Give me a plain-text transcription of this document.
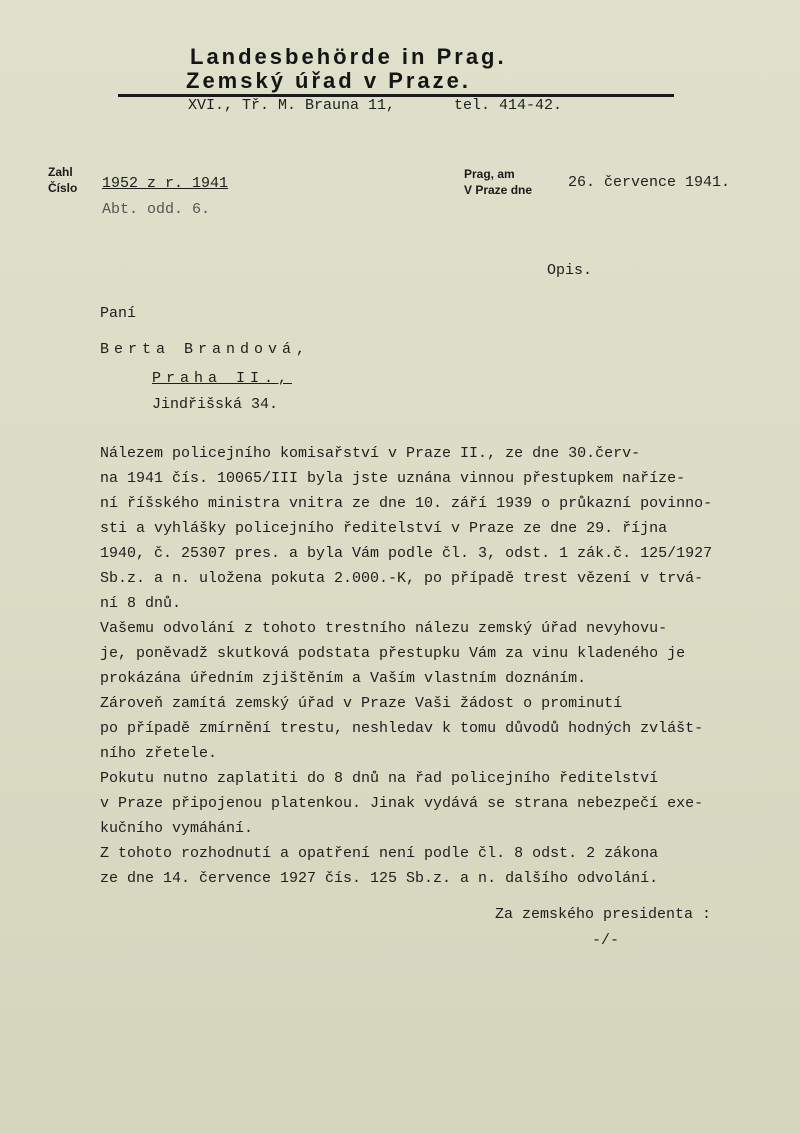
Landesbehörde in Prag.
Zemský úřad v Praze.
XVI., Tř. M. Brauna 11,	tel. 414-42.
Zahl
Číslo 1952 z r. 1941
Abt. odd. 6.
Prag, am
V Praze dne 26. července 1941.
Opis.
Paní
Berta Brandová,
Praha II.,
Jindřišská 34.
Nálezem policejního komisařství v Praze II., ze dne 30.červ-
na 1941 čís. 10065/III byla jste uznána vinnou přestupkem naříze-
ní říšského ministra vnitra ze dne 10. září 1939 o průkazní povinno-
sti a vyhlášky policejního ředitelství v Praze ze dne 29. října
1940, č. 25307 pres. a byla Vám podle čl. 3, odst. 1 zák.č. 125/1927
Sb.z. a n. uložena pokuta 2.000.-K, po případě trest vězení v trvá-
ní 8 dnů.
Vašemu odvolání z tohoto trestního nálezu zemský úřad nevyhovu-
je, poněvadž skutková podstata přestupku Vám za vinu kladeného je
prokázána úředním zjištěním a Vaším vlastním doznáním.
Zároveň zamítá zemský úřad v Praze Vaši žádost o prominutí
po případě zmírnění trestu, neshledav k tomu důvodů hodných zvlášt-
ního zřetele.
Pokutu nutno zaplatiti do 8 dnů na řad policejního ředitelství
v Praze připojenou platenkou. Jinak vydává se strana nebezpečí exe-
kučního vymáhání.
Z tohoto rozhodnutí a opatření není podle čl. 8 odst. 2 zákona
ze dne 14. července 1927 čís. 125 Sb.z. a n. dalšího odvolání.
Za zemského presidenta :
-/-
